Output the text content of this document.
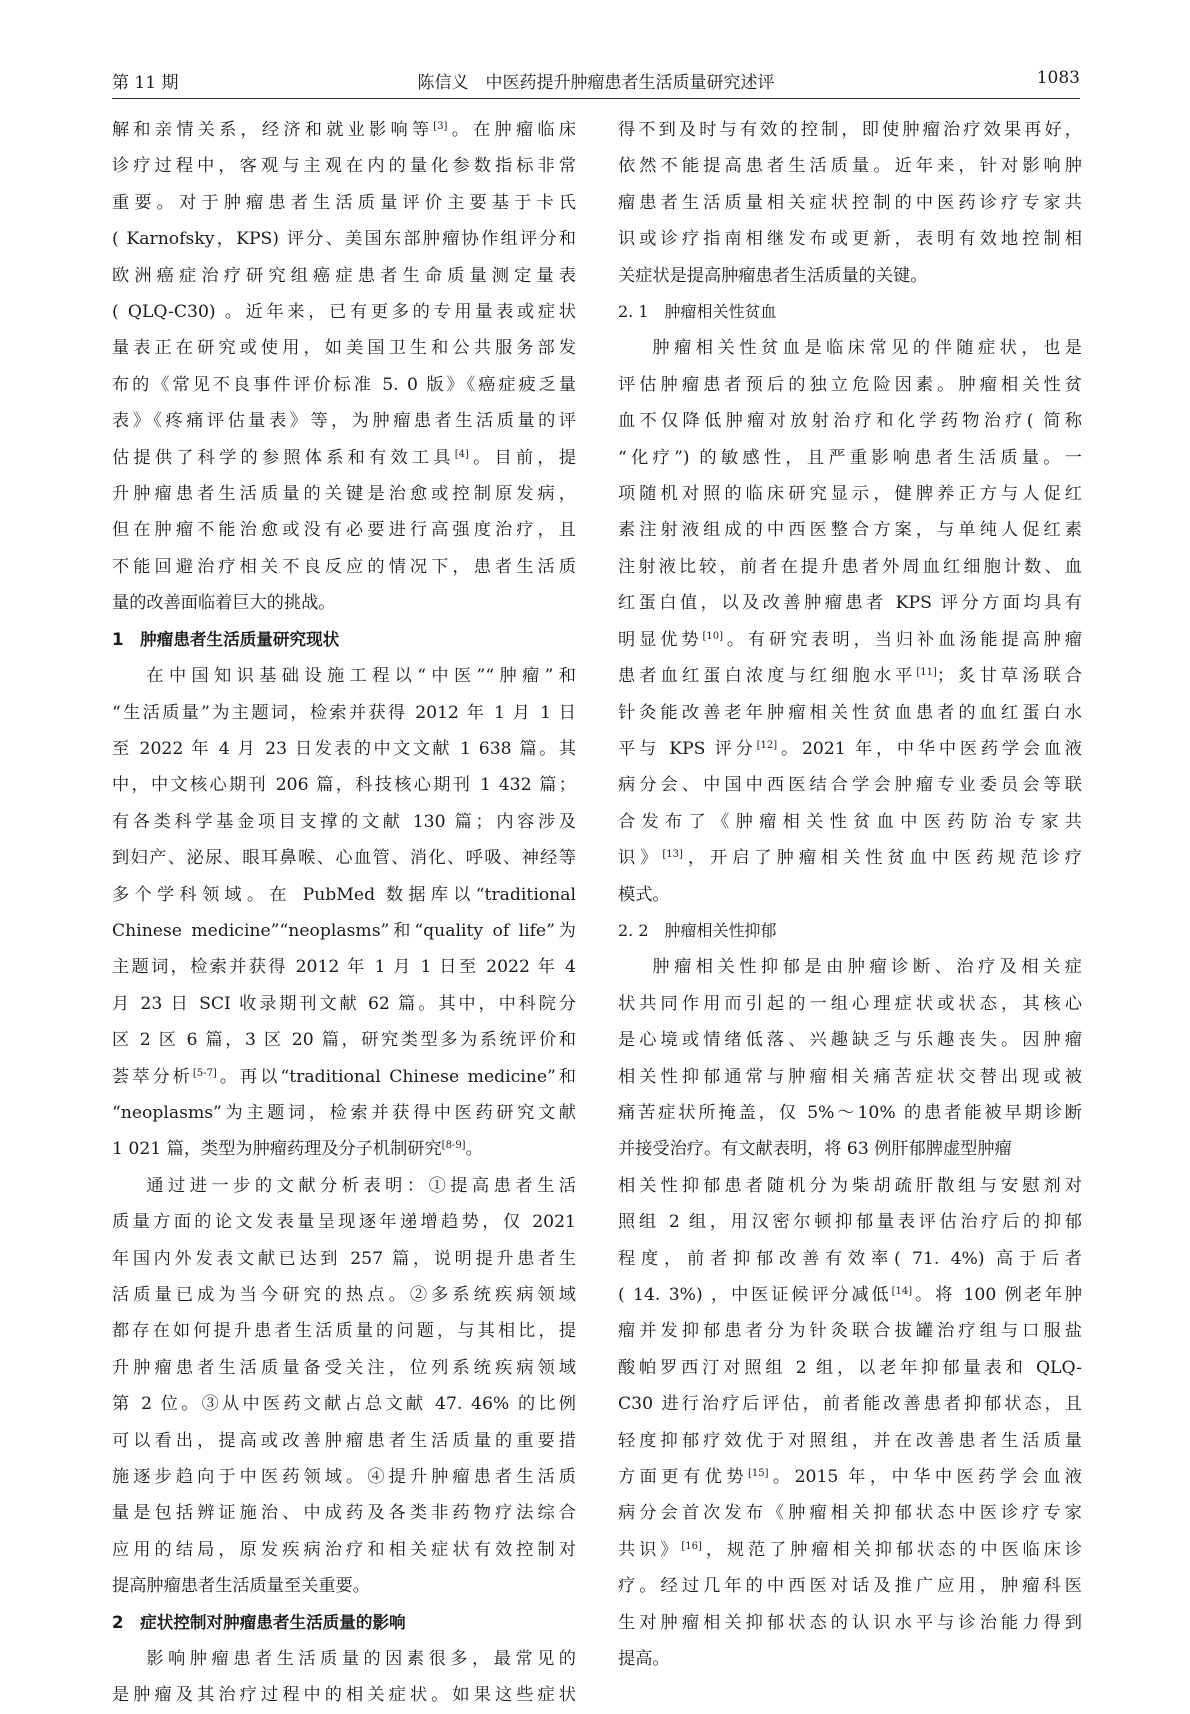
第 11 期	陈信义　中医药提升肿瘤患者生活质量研究述评	1083

解和亲情关系，经济和就业影响等[3]。在肿瘤临床

诊疗过程中，客观与主观在内的量化参数指标非常

重要。对于肿瘤患者生活质量评价主要基于卡氏

( Karnofsky，KPS) 评分、美国东部肿瘤协作组评分和

欧洲癌症治疗研究组癌症患者生命质量测定量表

( QLQ-C30) 。近年来，已有更多的专用量表或症状

量表正在研究或使用，如美国卫生和公共服务部发

布的《常见不良事件评价标准 5. 0 版》《癌症疲乏量

表》《疼痛评估量表》等，为肿瘤患者生活质量的评

估提供了科学的参照体系和有效工具[4]。目前，提

升肿瘤患者生活质量的关键是治愈或控制原发病，

但在肿瘤不能治愈或没有必要进行高强度治疗，且

不能回避治疗相关不良反应的情况下，患者生活质

量的改善面临着巨大的挑战。

1　肿瘤患者生活质量研究现状

在中国知识基础设施工程以“中医”“肿瘤”和

“生活质量”为主题词，检索并获得 2012 年 1 月 1 日

至 2022 年 4 月 23 日发表的中文文献 1 638 篇。其

中，中文核心期刊 206 篇，科技核心期刊 1 432 篇；

有各类科学基金项目支撑的文献 130 篇；内容涉及

到妇产、泌尿、眼耳鼻喉、心血管、消化、呼吸、神经等

多个学科领域。在 PubMed 数据库以“traditional

Chinese medicine”“neoplasms”和“quality of life”为

主题词，检索并获得 2012 年 1 月 1 日至 2022 年 4

月 23 日 SCI 收录期刊文献 62 篇。其中，中科院分

区 2 区 6 篇，3 区 20 篇，研究类型多为系统评价和

荟萃分析[5-7]。再以“traditional Chinese medicine”和

“neoplasms”为主题词，检索并获得中医药研究文献

1 021 篇，类型为肿瘤药理及分子机制研究[8-9]。

通过进一步的文献分析表明：①提高患者生活

质量方面的论文发表量呈现逐年递增趋势，仅 2021

年国内外发表文献已达到 257 篇，说明提升患者生

活质量已成为当今研究的热点。②多系统疾病领域

都存在如何提升患者生活质量的问题，与其相比，提

升肿瘤患者生活质量备受关注，位列系统疾病领域

第 2 位。③从中医药文献占总文献 47. 46% 的比例

可以看出，提高或改善肿瘤患者生活质量的重要措

施逐步趋向于中医药领域。④提升肿瘤患者生活质

量是包括辨证施治、中成药及各类非药物疗法综合

应用的结局，原发疾病治疗和相关症状有效控制对

提高肿瘤患者生活质量至关重要。

2　症状控制对肿瘤患者生活质量的影响

影响肿瘤患者生活质量的因素很多，最常见的

是肿瘤及其治疗过程中的相关症状。如果这些症状

得不到及时与有效的控制，即使肿瘤治疗效果再好，

依然不能提高患者生活质量。近年来，针对影响肿

瘤患者生活质量相关症状控制的中医药诊疗专家共

识或诊疗指南相继发布或更新，表明有效地控制相

关症状是提高肿瘤患者生活质量的关键。

2. 1　肿瘤相关性贫血

肿瘤相关性贫血是临床常见的伴随症状，也是

评估肿瘤患者预后的独立危险因素。肿瘤相关性贫

血不仅降低肿瘤对放射治疗和化学药物治疗( 简称

“化疗”) 的敏感性，且严重影响患者生活质量。一

项随机对照的临床研究显示，健脾养正方与人促红

素注射液组成的中西医整合方案，与单纯人促红素

注射液比较，前者在提升患者外周血红细胞计数、血

红蛋白值，以及改善肿瘤患者 KPS 评分方面均具有

明显优势[10]。有研究表明，当归补血汤能提高肿瘤

患者血红蛋白浓度与红细胞水平[11]；炙甘草汤联合

针灸能改善老年肿瘤相关性贫血患者的血红蛋白水

平与 KPS 评分[12]。2021 年，中华中医药学会血液

病分会、中国中西医结合学会肿瘤专业委员会等联

合发布了《肿瘤相关性贫血中医药防治专家共

识》[13]，开启了肿瘤相关性贫血中医药规范诊疗

模式。

2. 2　肿瘤相关性抑郁

肿瘤相关性抑郁是由肿瘤诊断、治疗及相关症

状共同作用而引起的一组心理症状或状态，其核心

是心境或情绪低落、兴趣缺乏与乐趣丧失。因肿瘤

相关性抑郁通常与肿瘤相关痛苦症状交替出现或被

痛苦症状所掩盖，仅 5%～10% 的患者能被早期诊断

并接受治疗。有文献表明，将 63 例肝郁脾虚型肿瘤

相关性抑郁患者随机分为柴胡疏肝散组与安慰剂对

照组 2 组，用汉密尔顿抑郁量表评估治疗后的抑郁

程度，前者抑郁改善有效率( 71. 4%) 高于后者

( 14. 3%) ，中医证候评分减低[14]。将 100 例老年肿

瘤并发抑郁患者分为针灸联合拔罐治疗组与口服盐

酸帕罗西汀对照组 2 组，以老年抑郁量表和 QLQ-

C30 进行治疗后评估，前者能改善患者抑郁状态，且

轻度抑郁疗效优于对照组，并在改善患者生活质量

方面更有优势[15]。2015 年，中华中医药学会血液

病分会首次发布《肿瘤相关抑郁状态中医诊疗专家

共识》[16]，规范了肿瘤相关抑郁状态的中医临床诊

疗。经过几年的中西医对话及推广应用，肿瘤科医

生对肿瘤相关抑郁状态的认识水平与诊治能力得到

提高。
